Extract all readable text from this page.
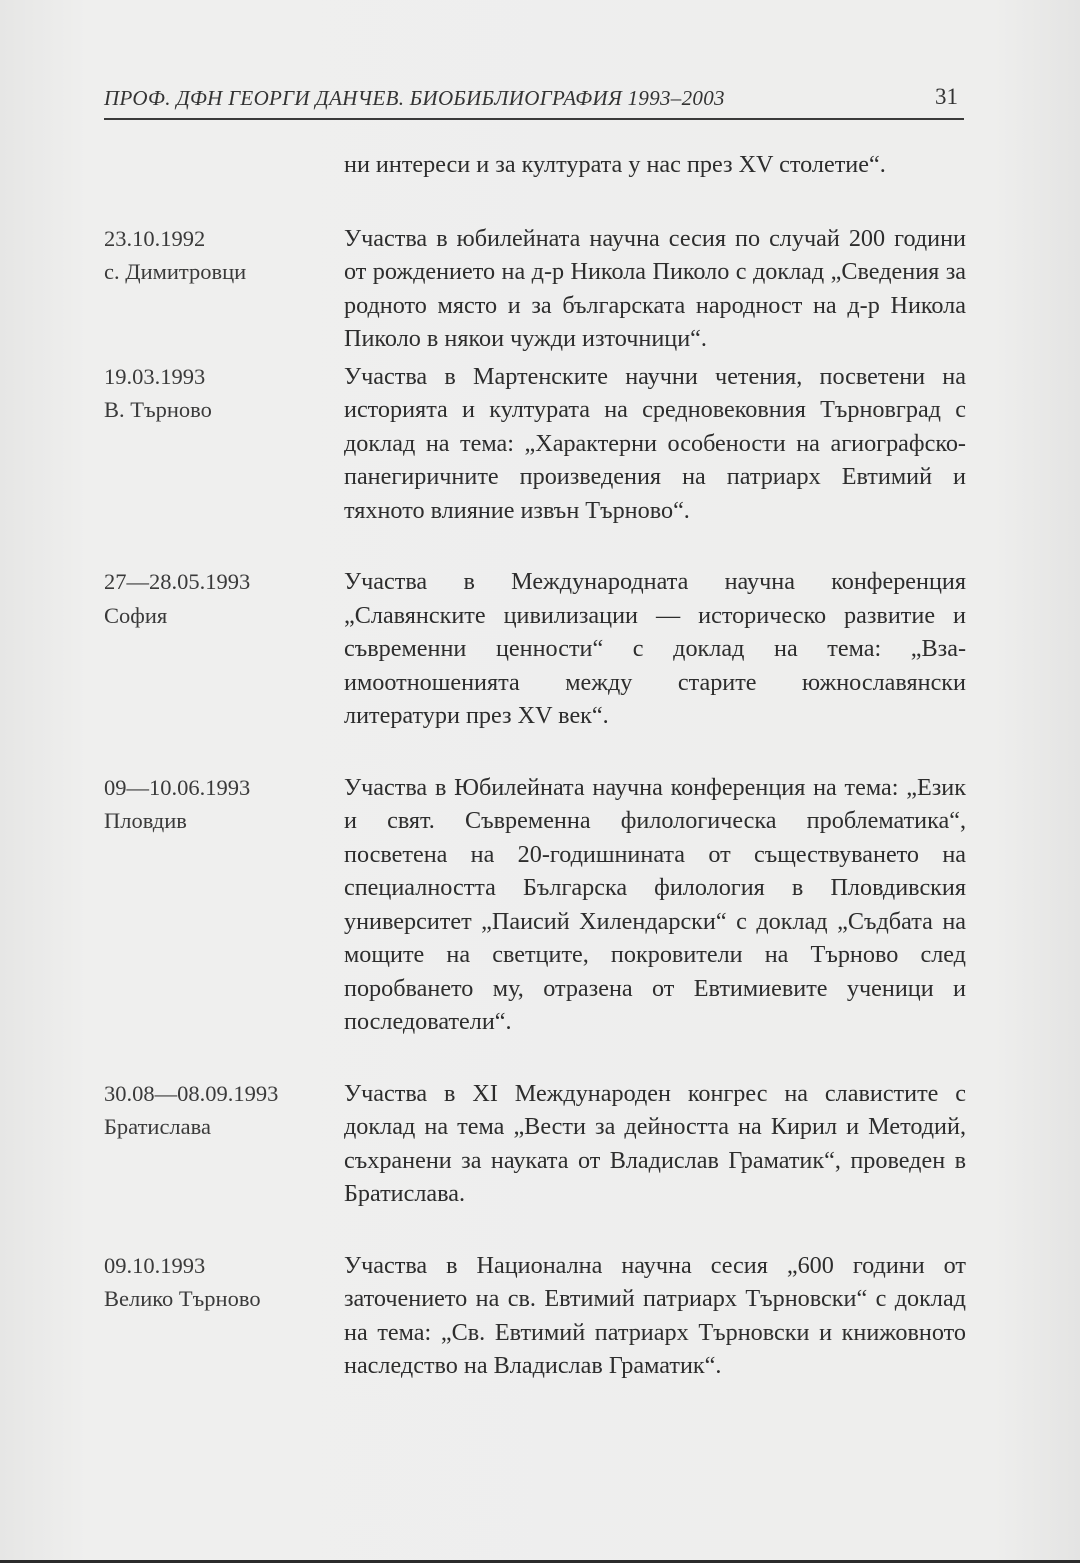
ПРОФ. ДФН ГЕОРГИ ДАНЧЕВ. БИОБИБЛИОГРАФИЯ 1993–2003	31
ни интереси и за културата у нас през XV столетие“.
23.10.1992
с. Димитровци
Участва в юбилейната научна сесия по случай 200 години от рождението на д-р Никола Пиколо с доклад „Сведения за родното място и за българската народност на д-р Никола Пиколо в някои чужди източници“.
19.03.1993
В. Търново
Участва в Мартенските научни четения, посветени на историята и културата на средновековния Търновград с доклад на тема: „Характерни особености на агиографско-панегиричните произведения на патриарх Евтимий и тяхното влияние извън Търново“.
27—28.05.1993
София
Участва в Международната научна конференция „Славянските цивилизации — историческо развитие и съвременни ценности“ с доклад на тема: „Взаимоотношенията между старите южнославянски литератури през XV век“.
09—10.06.1993
Пловдив
Участва в Юбилейната научна конференция на тема: „Език и свят. Съвременна филологическа проблематика“, посветена на 20-годишнината от съществуването на специалността Българска филология в Пловдивския университет „Паисий Хилендарски“ с доклад „Съдбата на мощите на светците, покровители на Търново след поробването му, отразена от Евтимиевите ученици и последователи“.
30.08—08.09.1993
Братислава
Участва в XI Международен конгрес на славистите с доклад на тема „Вести за дейността на Кирил и Методий, съхранени за науката от Владислав Граматик“, проведен в Братислава.
09.10.1993
Велико Търново
Участва в Национална научна сесия „600 години от заточението на св. Евтимий патриарх Търновски“ с доклад на тема: „Св. Евтимий патриарх Търновски и книжовното наследство на Владислав Граматик“.
